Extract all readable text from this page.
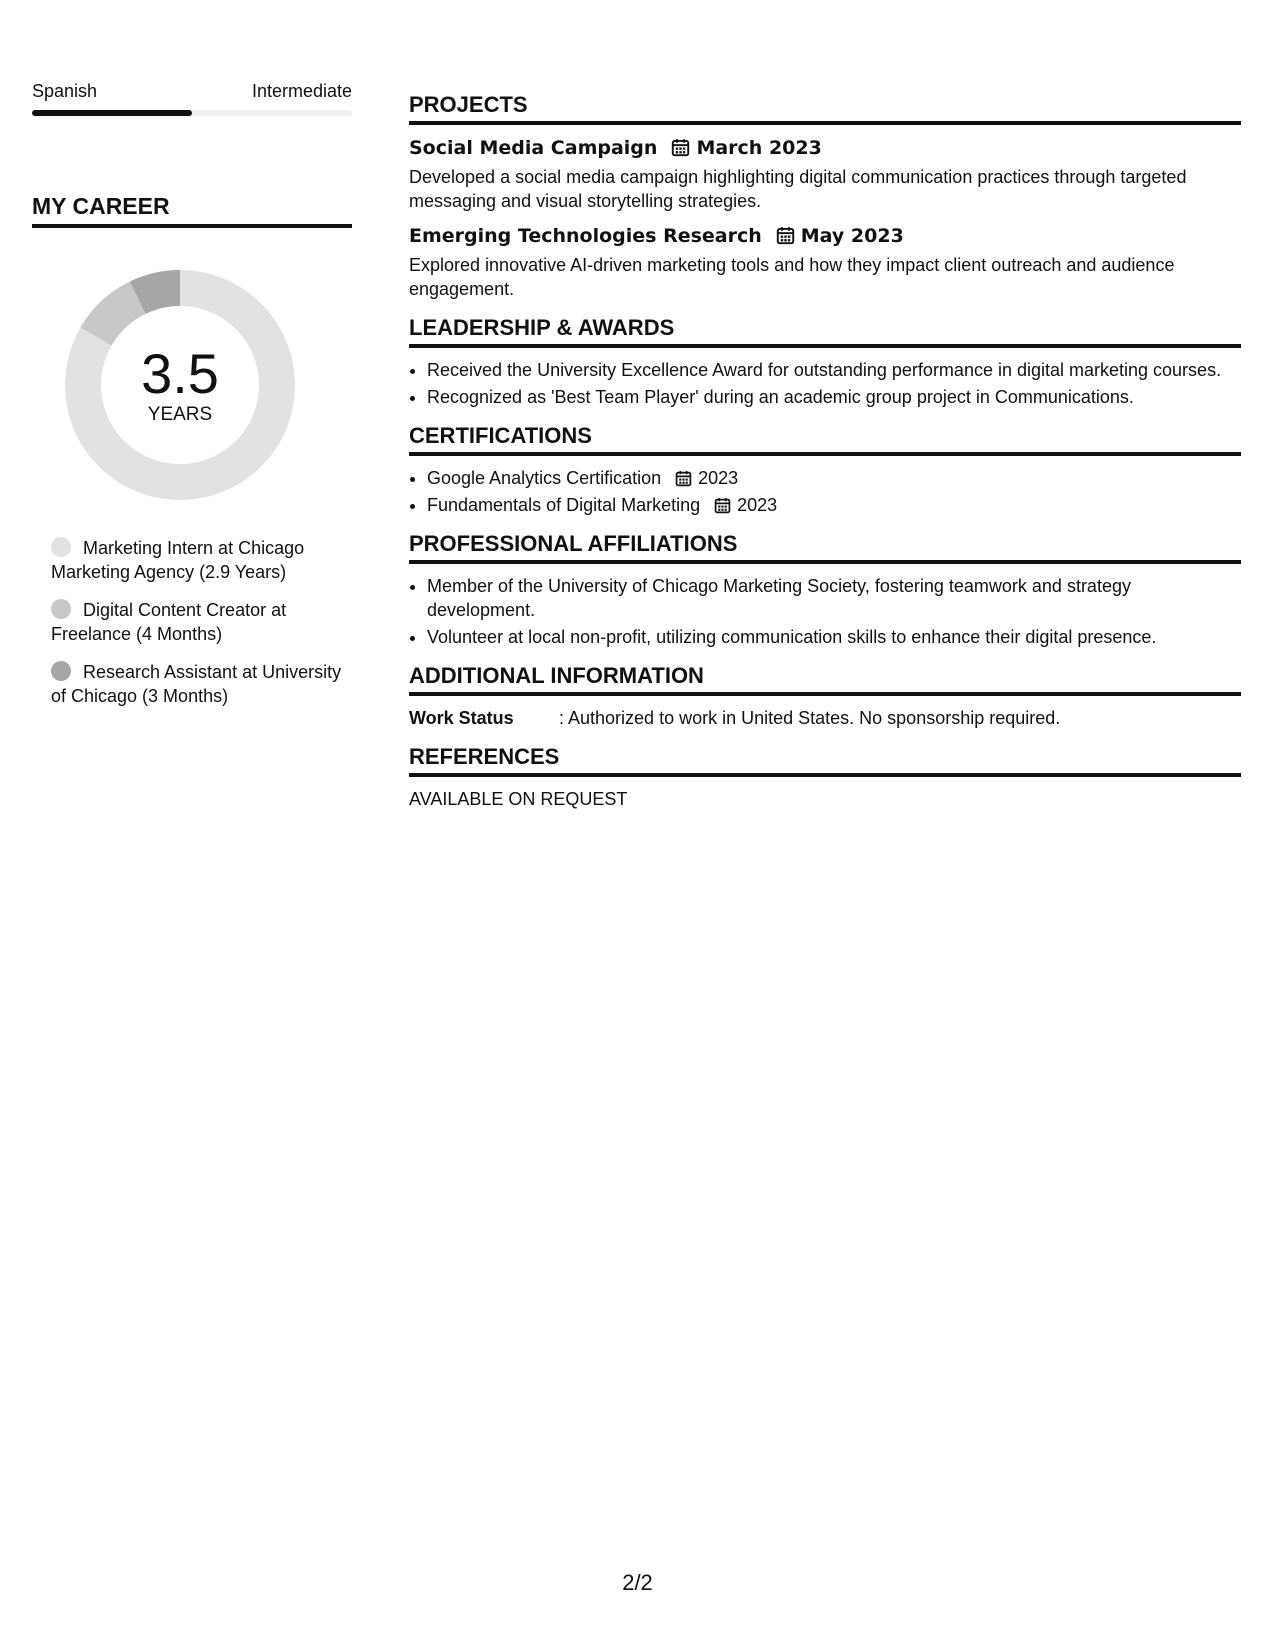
Spanish	Intermediate
MY CAREER
3.5
YEARS
Marketing Intern at Chicago Marketing Agency (2.9 Years)
Digital Content Creator at Freelance (4 Months)
Research Assistant at University of Chicago (3 Months)
PROJECTS
Social Media Campaign March 2023
Developed a social media campaign highlighting digital communication practices through targeted messaging and visual storytelling strategies.
Emerging Technologies Research May 2023
Explored innovative AI-driven marketing tools and how they impact client outreach and audience engagement.
LEADERSHIP & AWARDS
• Received the University Excellence Award for outstanding performance in digital marketing courses.
• Recognized as 'Best Team Player' during an academic group project in Communications.
CERTIFICATIONS
• Google Analytics Certification 2023
• Fundamentals of Digital Marketing 2023
PROFESSIONAL AFFILIATIONS
• Member of the University of Chicago Marketing Society, fostering teamwork and strategy development.
• Volunteer at local non-profit, utilizing communication skills to enhance their digital presence.
ADDITIONAL INFORMATION
Work Status	: Authorized to work in United States. No sponsorship required.
REFERENCES
AVAILABLE ON REQUEST
2/2
